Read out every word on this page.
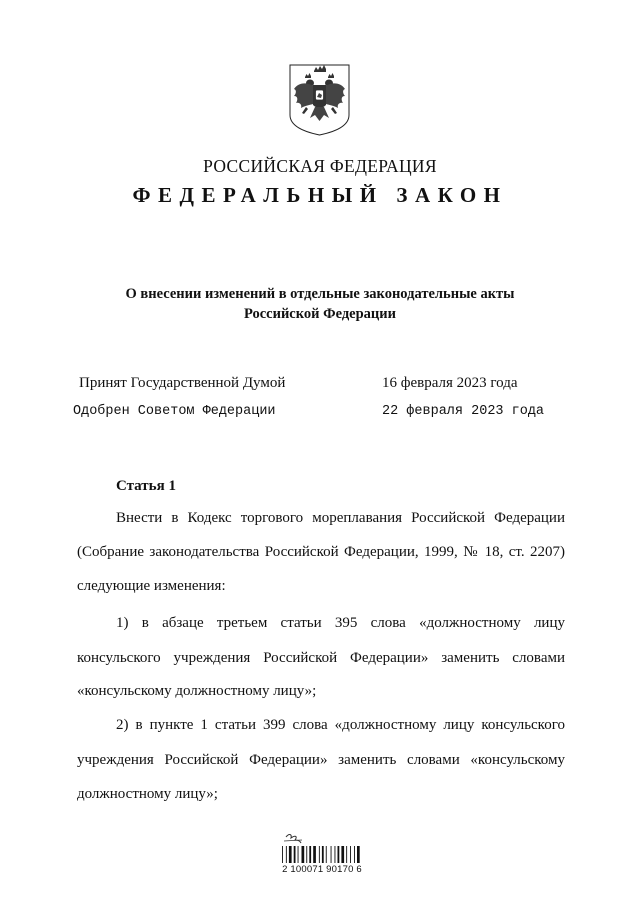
РОССИЙСКАЯ ФЕДЕРАЦИЯ
ФЕДЕРАЛЬНЫЙ ЗАКОН
О внесении изменений в отдельные законодательные акты
Российской Федерации
Принят Государственной Думой	16 февраля 2023 года
Одобрен Советом Федерации	22 февраля 2023 года
Статья 1
Внести в Кодекс торгового мореплавания Российской Федерации
(Собрание законодательства Российской Федерации, 1999, № 18, ст. 2207)
следующие изменения:
1) в абзаце третьем статьи 395 слова «должностному лицу
консульского учреждения Российской Федерации» заменить словами
«консульскому должностному лицу»;
2) в пункте 1 статьи 399 слова «должностному лицу консульского
учреждения Российской Федерации» заменить словами «консульскому
должностному лицу»;
2 100071 90170 6
